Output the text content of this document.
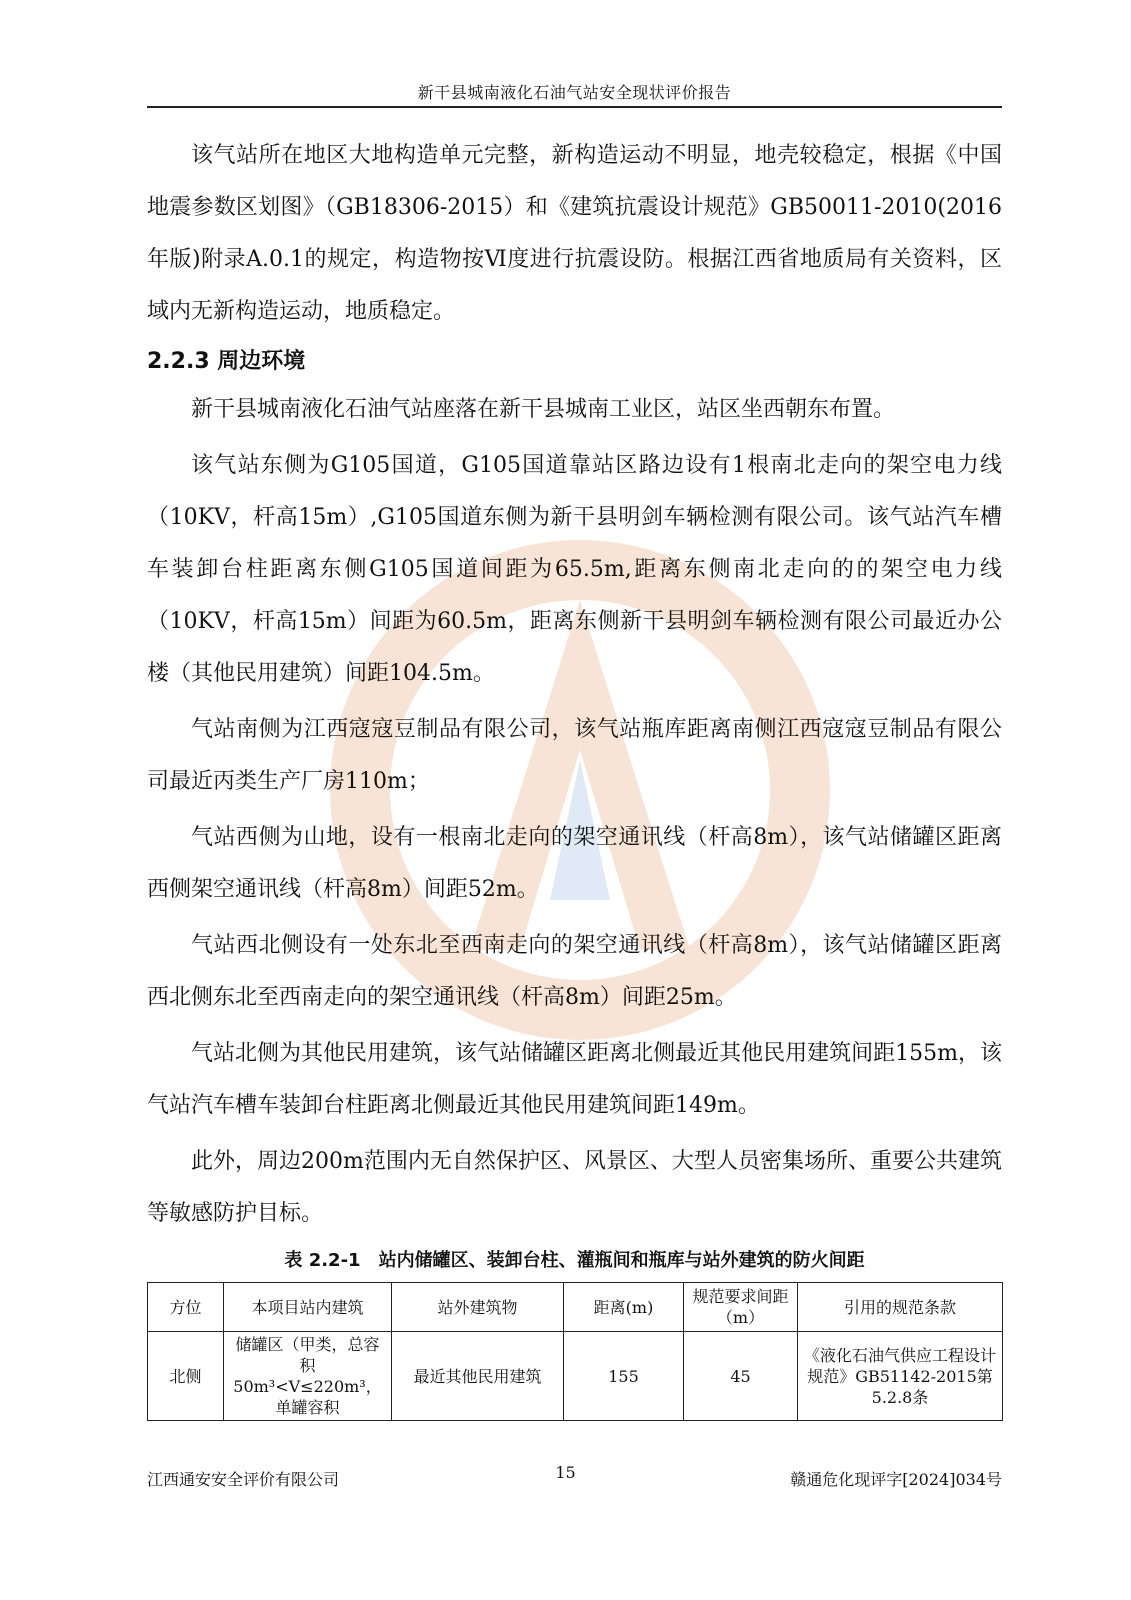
新干县城南液化石油气站安全现状评价报告

该气站所在地区大地构造单元完整，新构造运动不明显，地壳较稳定，根据《中国地震参数区划图》（GB18306-2015）和《建筑抗震设计规范》GB50011-2010(2016年版)附录A.0.1的规定，构造物按Ⅵ度进行抗震设防。根据江西省地质局有关资料，区域内无新构造运动，地质稳定。

2.2.3 周边环境

新干县城南液化石油气站座落在新干县城南工业区，站区坐西朝东布置。

该气站东侧为G105国道，G105国道靠站区路边设有1根南北走向的架空电力线（10KV，杆高15m）,G105国道东侧为新干县明剑车辆检测有限公司。该气站汽车槽车装卸台柱距离东侧G105国道间距为65.5m,距离东侧南北走向的的架空电力线（10KV，杆高15m）间距为60.5m，距离东侧新干县明剑车辆检测有限公司最近办公楼（其他民用建筑）间距104.5m。

气站南侧为江西寇寇豆制品有限公司，该气站瓶库距离南侧江西寇寇豆制品有限公司最近丙类生产厂房110m；

气站西侧为山地，设有一根南北走向的架空通讯线（杆高8m），该气站储罐区距离西侧架空通讯线（杆高8m）间距52m。

气站西北侧设有一处东北至西南走向的架空通讯线（杆高8m），该气站储罐区距离西北侧东北至西南走向的架空通讯线（杆高8m）间距25m。

气站北侧为其他民用建筑，该气站储罐区距离北侧最近其他民用建筑间距155m，该气站汽车槽车装卸台柱距离北侧最近其他民用建筑间距149m。

此外，周边200m范围内无自然保护区、风景区、大型人员密集场所、重要公共建筑等敏感防护目标。

表 2.2-1　站内储罐区、装卸台柱、灌瓶间和瓶库与站外建筑的防火间距
方位	本项目站内建筑	站外建筑物	距离(m)	规范要求间距（m）	引用的规范条款
北侧	储罐区（甲类，总容积50m³<V≤220m³，单罐容积	最近其他民用建筑	155	45	《液化石油气供应工程设计规范》GB51142-2015第5.2.8条
江西通安安全评价有限公司	15	赣通危化现评字[2024]034号
